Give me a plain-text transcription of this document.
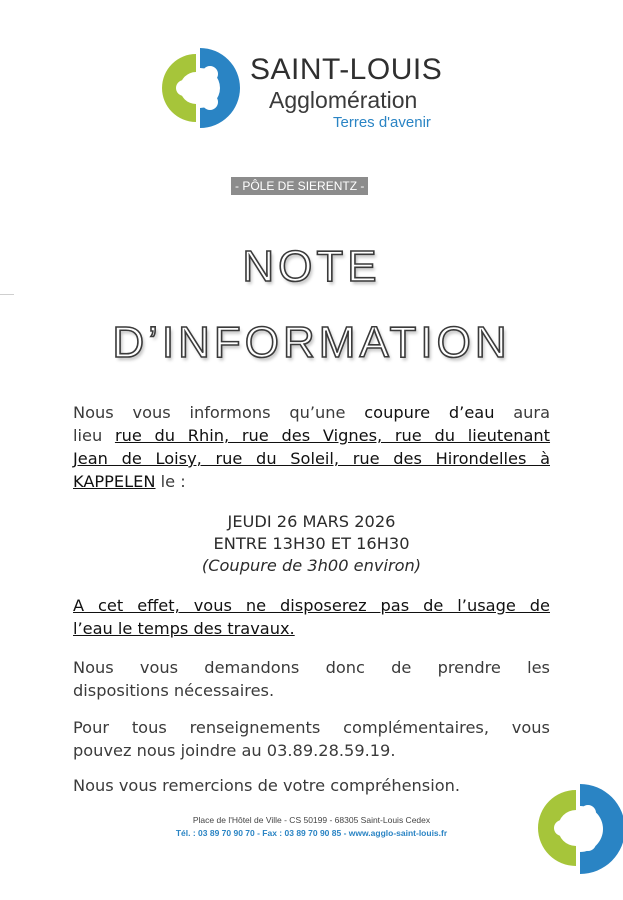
SAINT-LOUIS
Agglomération
Terres d'avenir
- PÔLE DE SIERENTZ -
NOTE
D’INFORMATION
Nous vous informons qu’une coupure d’eau aura
lieu rue du Rhin, rue des Vignes, rue du lieutenant
Jean de Loisy, rue du Soleil, rue des Hirondelles à
KAPPELEN le :
JEUDI 26 MARS 2026
ENTRE 13H30 ET 16H30
(Coupure de 3h00 environ)
A cet effet, vous ne disposerez pas de l’usage de
l’eau le temps des travaux.
Nous vous demandons donc de prendre les
dispositions nécessaires.
Pour tous renseignements complémentaires, vous
pouvez nous joindre au 03.89.28.59.19.
Nous vous remercions de votre compréhension.
Place de l'Hôtel de Ville - CS 50199 - 68305 Saint-Louis Cedex
Tél. : 03 89 70 90 70 - Fax : 03 89 70 90 85 - www.agglo-saint-louis.fr
